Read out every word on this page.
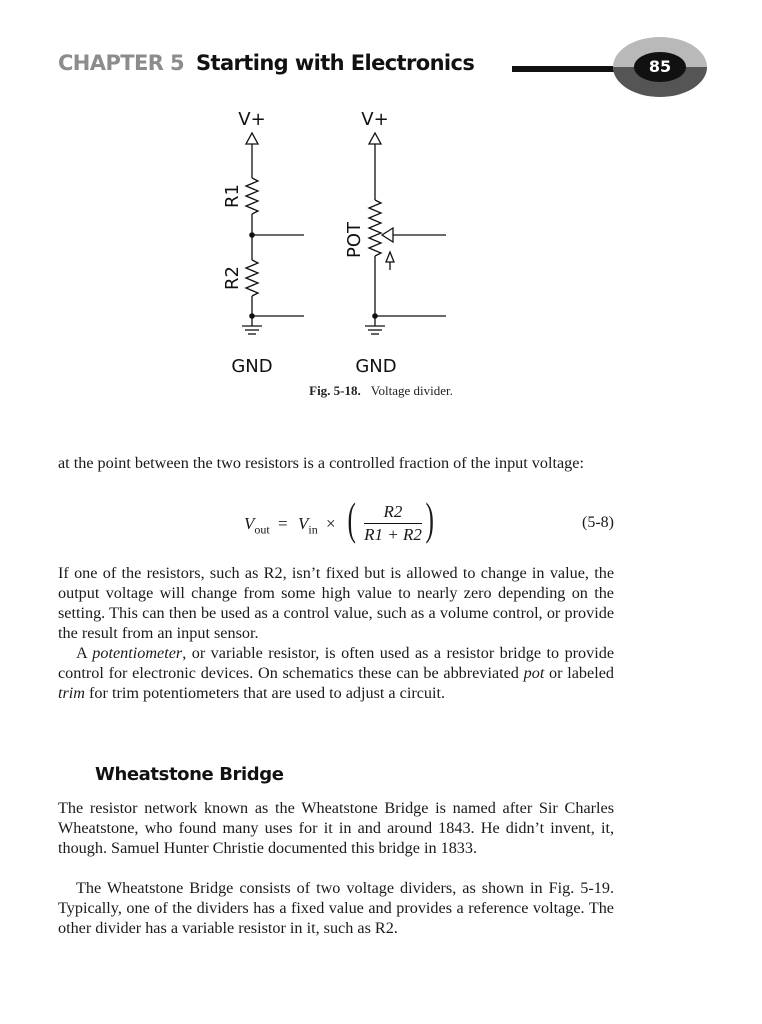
CHAPTER 5 Starting with Electronics	85
V+	V+
GND	GND
R1
R2
POT
Fig. 5-18. Voltage divider.

at the point between the two resistors is a controlled fraction of the input voltage:

$V_{out} = V_{in}$ × (	R2
R1 + R2 )	(5-8)

If one of the resistors, such as R2, isn’t fixed but is allowed to change in value, the output voltage will change from some high value to nearly zero depending on the setting. This can then be used as a control value, such as a volume control, or provide the result from an input sensor.

A potentiometer, or variable resistor, is often used as a resistor bridge to provide control for electronic devices. On schematics these can be abbreviated pot or labeled trim for trim potentiometers that are used to adjust a circuit.

Wheatstone Bridge

The resistor network known as the Wheatstone Bridge is named after Sir Charles Wheatstone, who found many uses for it in and around 1843. He didn’t invent, it, though. Samuel Hunter Christie documented this bridge in 1833.

The Wheatstone Bridge consists of two voltage dividers, as shown in Fig. 5-19. Typically, one of the dividers has a fixed value and provides a reference voltage. The other divider has a variable resistor in it, such as R2.
